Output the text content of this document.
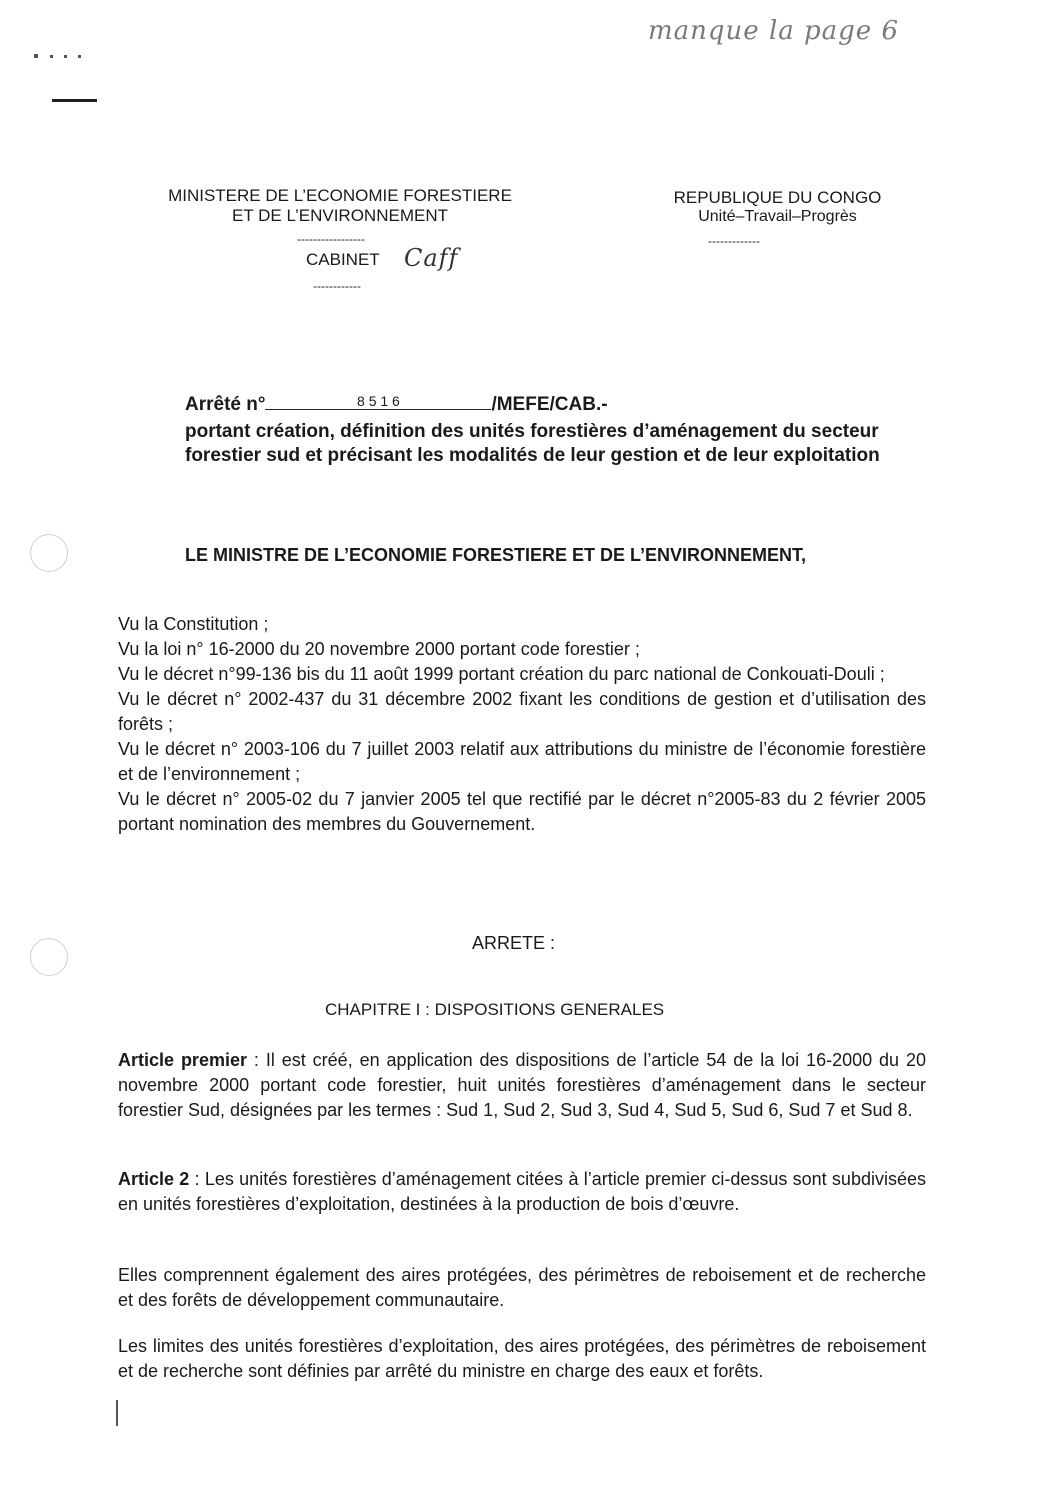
manque la page 6
MINISTERE DE L’ECONOMIE FORESTIERE
ET DE L’ENVIRONNEMENT
-----------------
CABINET Caff
------------
REPUBLIQUE DU CONGO
Unité–Travail–Progrès
-------------
Arrêté n°	8 5 1 6	/MEFE/CAB.-
portant création, définition des unités forestières d’aménagement du secteur forestier sud et précisant les modalités de leur gestion et de leur exploitation
LE MINISTRE DE L’ECONOMIE FORESTIERE ET DE L’ENVIRONNEMENT,
Vu la Constitution ;
Vu la loi n° 16-2000 du 20 novembre 2000 portant code forestier ;
Vu le décret n°99-136 bis du 11 août 1999 portant création du parc national de Conkouati-Douli ;
Vu le décret n° 2002-437 du 31 décembre 2002 fixant les conditions de gestion et d’utilisation des forêts ;
Vu le décret n° 2003-106 du 7 juillet 2003 relatif aux attributions du ministre de l’économie forestière et de l’environnement ;
Vu le décret n° 2005-02 du 7 janvier 2005 tel que rectifié par le décret n°2005-83 du 2 février 2005 portant nomination des membres du Gouvernement.
ARRETE :
CHAPITRE I : DISPOSITIONS GENERALES
Article premier : Il est créé, en application des dispositions de l’article 54 de la loi 16-2000 du 20 novembre 2000 portant code forestier, huit unités forestières d’aménagement dans le secteur forestier Sud, désignées par les termes : Sud 1, Sud 2, Sud 3, Sud 4, Sud 5, Sud 6, Sud 7 et Sud 8.
Article 2 : Les unités forestières d’aménagement citées à l’article premier ci-dessus sont subdivisées en unités forestières d’exploitation, destinées à la production de bois d’œuvre.
Elles comprennent également des aires protégées, des périmètres de reboisement et de recherche et des forêts de développement communautaire.
Les limites des unités forestières d’exploitation, des aires protégées, des périmètres de reboisement et de recherche sont définies par arrêté du ministre en charge des eaux et forêts.
